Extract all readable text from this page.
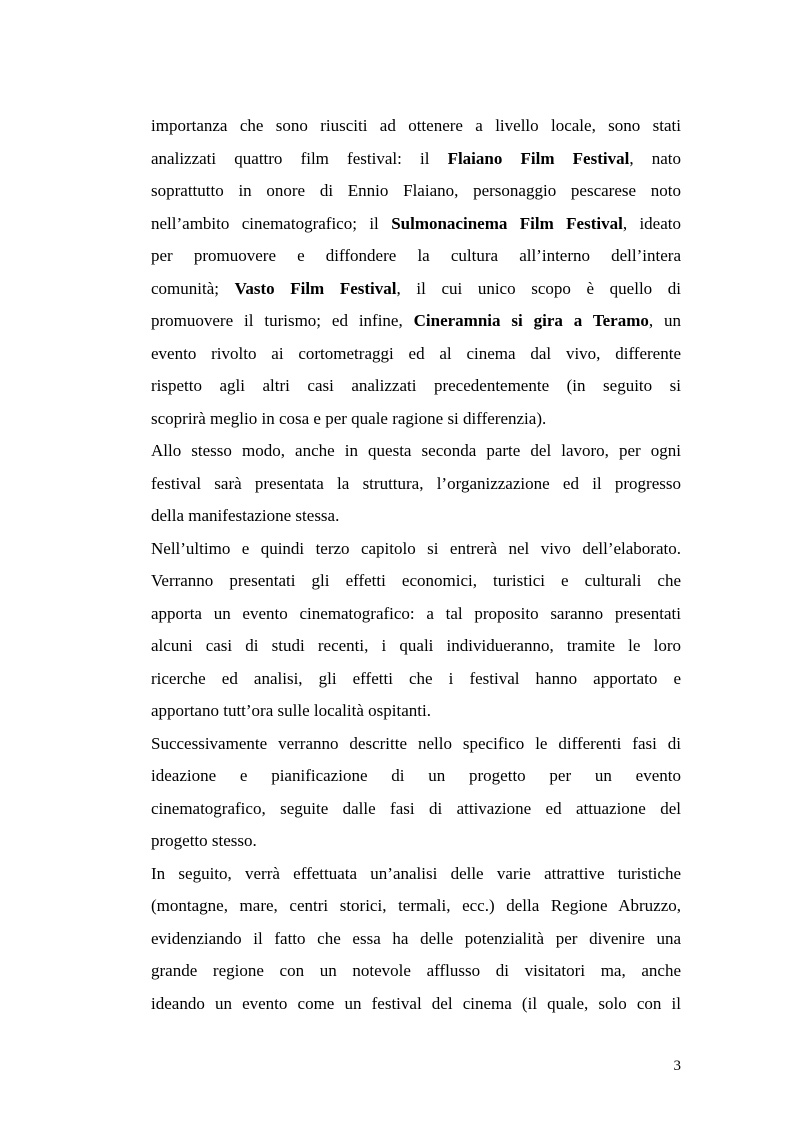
importanza che sono riusciti ad ottenere a livello locale, sono stati
analizzati quattro film festival: il Flaiano Film Festival, nato
soprattutto in onore di Ennio Flaiano, personaggio pescarese noto
nell’ambito cinematografico; il Sulmonacinema Film Festival, ideato
per promuovere e diffondere la cultura all’interno dell’intera
comunità; Vasto Film Festival, il cui unico scopo è quello di
promuovere il turismo; ed infine, Cineramnia si gira a Teramo, un
evento rivolto ai cortometraggi ed al cinema dal vivo, differente
rispetto agli altri casi analizzati precedentemente (in seguito si
scoprirà meglio in cosa e per quale ragione si differenzia).
Allo stesso modo, anche in questa seconda parte del lavoro, per ogni
festival sarà presentata la struttura, l’organizzazione ed il progresso
della manifestazione stessa.
Nell’ultimo e quindi terzo capitolo si entrerà nel vivo dell’elaborato.
Verranno presentati gli effetti economici, turistici e culturali che
apporta un evento cinematografico: a tal proposito saranno presentati
alcuni casi di studi recenti, i quali individueranno, tramite le loro
ricerche ed analisi, gli effetti che i festival hanno apportato e
apportano tutt’ora sulle località ospitanti.
Successivamente verranno descritte nello specifico le differenti fasi di
ideazione e pianificazione di un progetto per un evento
cinematografico, seguite dalle fasi di attivazione ed attuazione del
progetto stesso.
In seguito, verrà effettuata un’analisi delle varie attrattive turistiche
(montagne, mare, centri storici, termali, ecc.) della Regione Abruzzo,
evidenziando il fatto che essa ha delle potenzialità per divenire una
grande regione con un notevole afflusso di visitatori ma, anche
ideando un evento come un festival del cinema (il quale, solo con il
3
